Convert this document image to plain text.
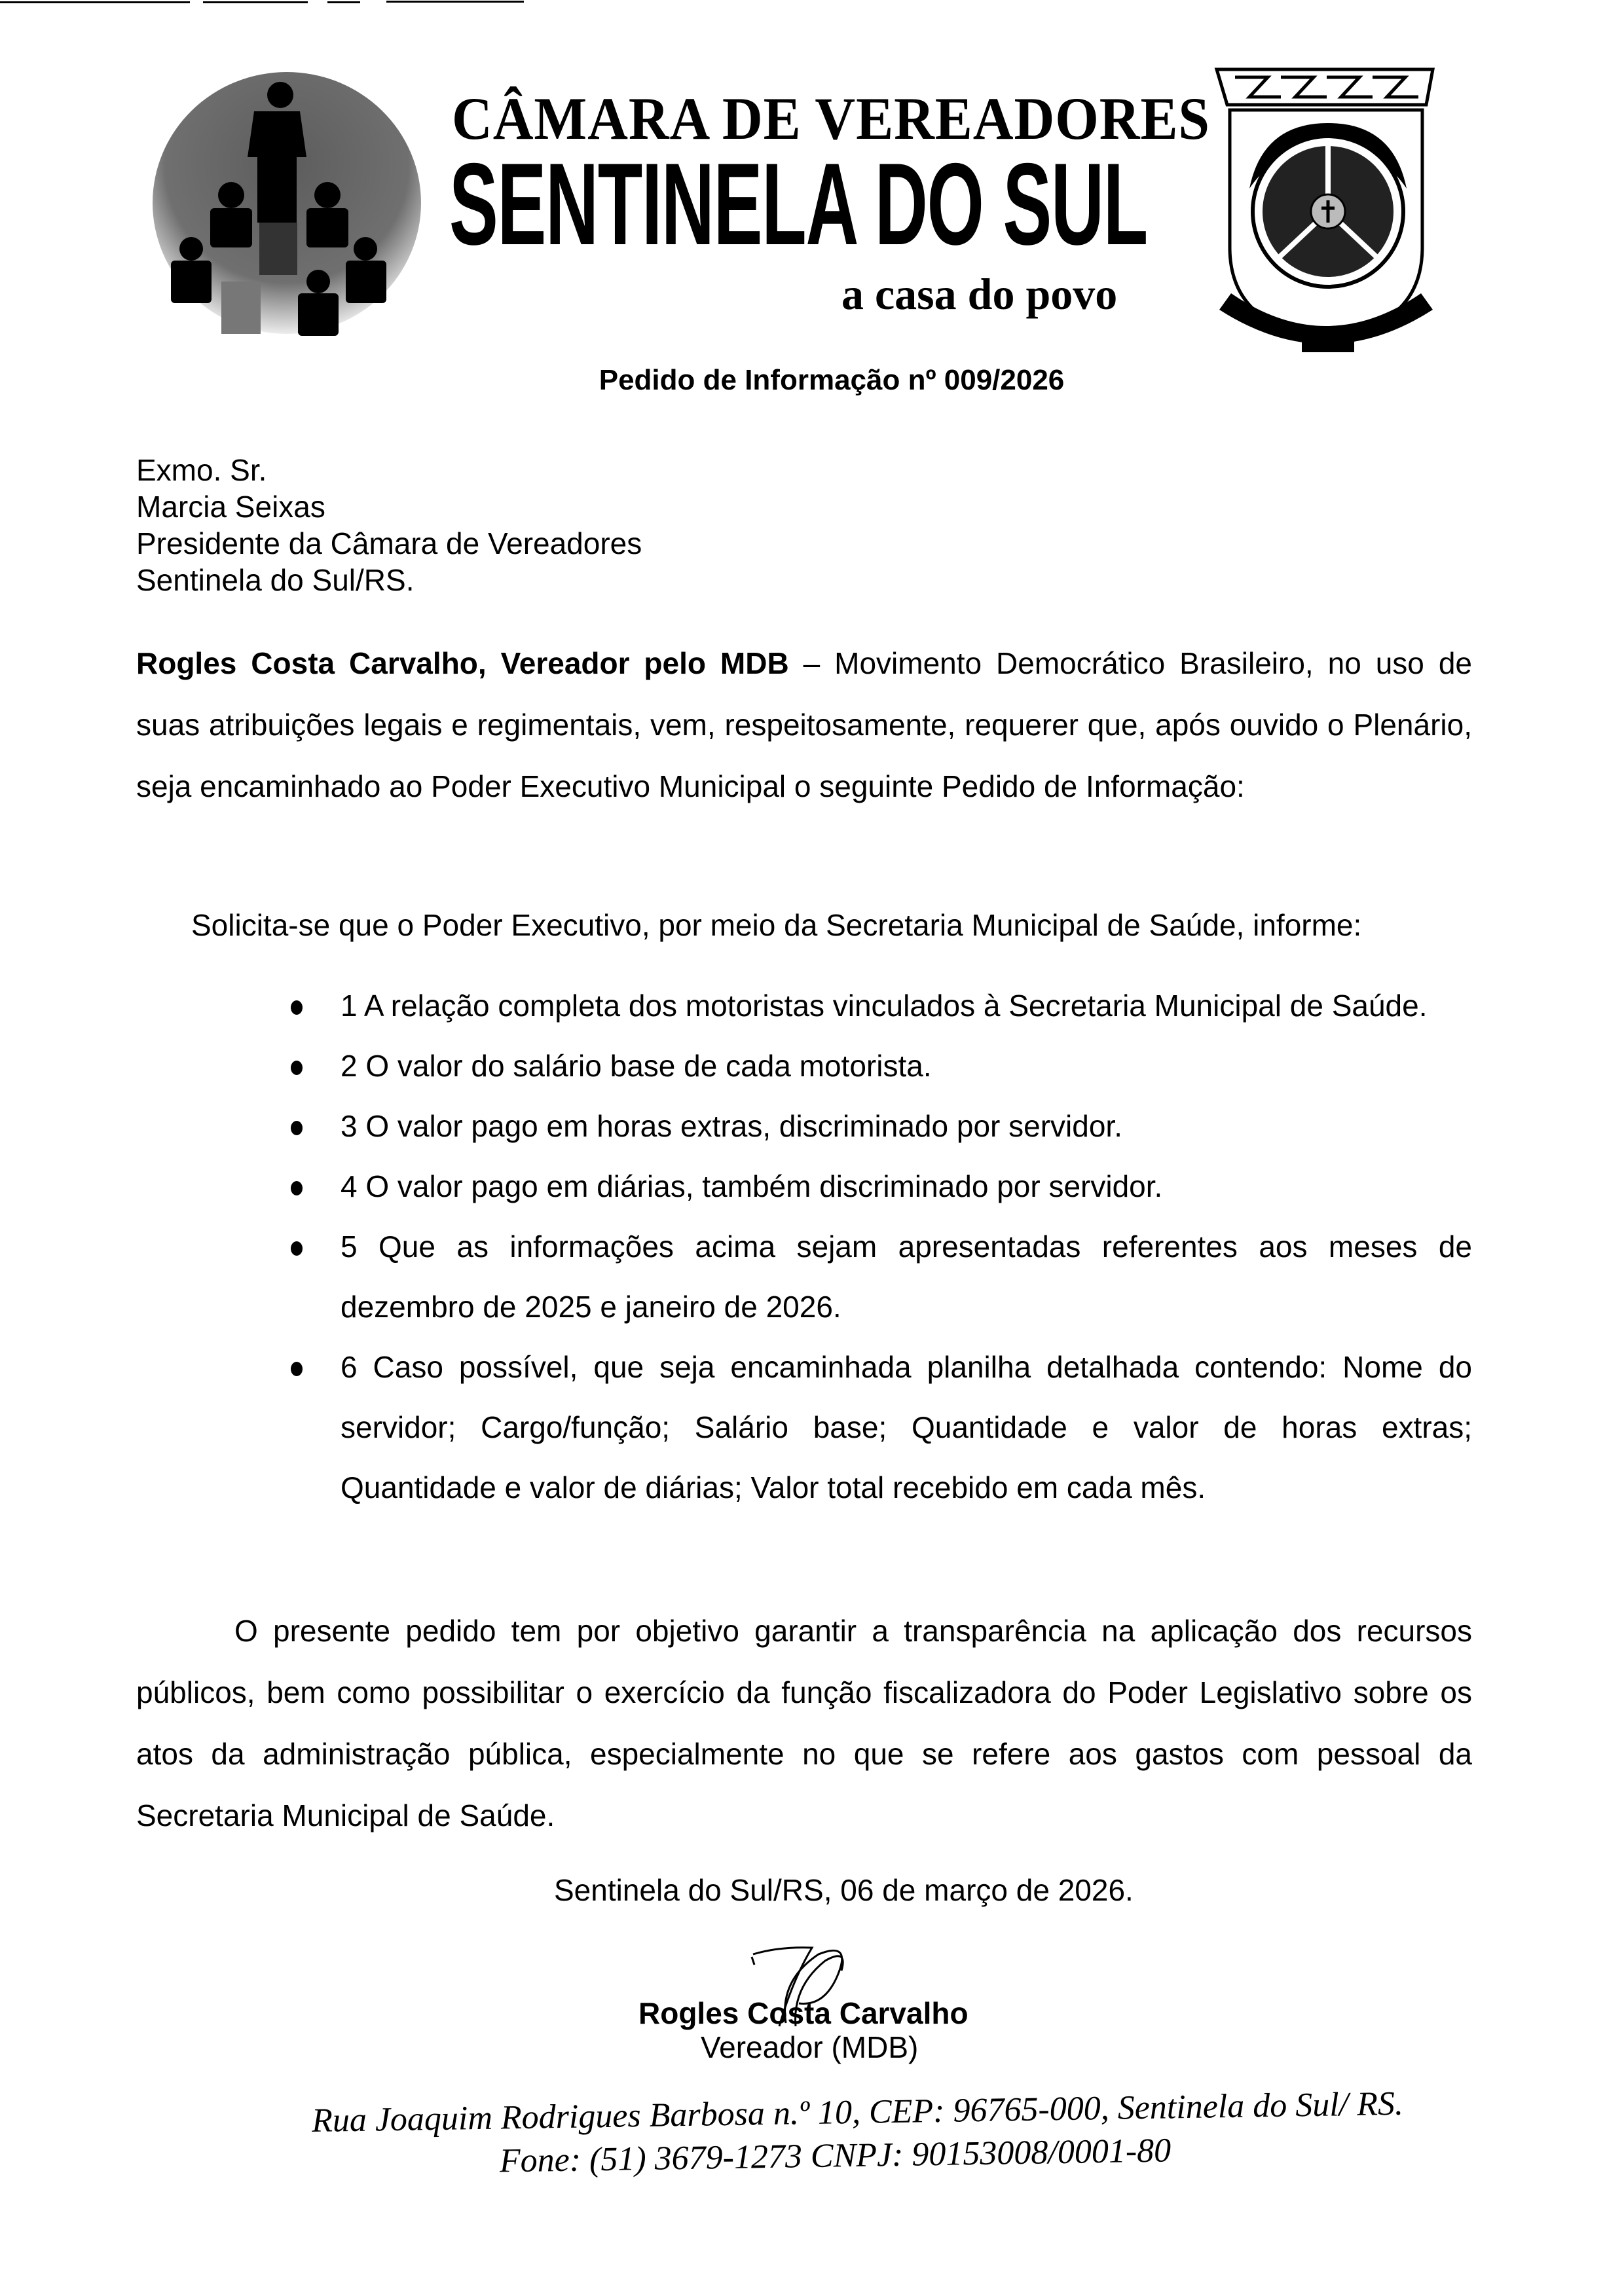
CÂMARA DE VEREADORES
SENTINELA DO SUL
a casa do povo
Pedido de Informação nº 009/2026
Exmo. Sr.
Marcia Seixas
Presidente da Câmara de Vereadores
Sentinela do Sul/RS.
Rogles Costa Carvalho, Vereador pelo MDB – Movimento Democrático Brasileiro, no uso de suas atribuições legais e regimentais, vem, respeitosamente, requerer que, após ouvido o Plenário, seja encaminhado ao Poder Executivo Municipal o seguinte Pedido de Informação:
Solicita-se que o Poder Executivo, por meio da Secretaria Municipal de Saúde, informe:
1 A relação completa dos motoristas vinculados à Secretaria Municipal de Saúde.
2 O valor do salário base de cada motorista.
3 O valor pago em horas extras, discriminado por servidor.
4 O valor pago em diárias, também discriminado por servidor.
5 Que as informações acima sejam apresentadas referentes aos meses de dezembro de 2025 e janeiro de 2026.
6 Caso possível, que seja encaminhada planilha detalhada contendo: Nome do servidor; Cargo/função; Salário base; Quantidade e valor de horas extras; Quantidade e valor de diárias; Valor total recebido em cada mês.
O presente pedido tem por objetivo garantir a transparência na aplicação dos recursos públicos, bem como possibilitar o exercício da função fiscalizadora do Poder Legislativo sobre os atos da administração pública, especialmente no que se refere aos gastos com pessoal da Secretaria Municipal de Saúde.
Sentinela do Sul/RS, 06 de março de 2026.
Rogles Costa Carvalho
Vereador (MDB)
Rua Joaquim Rodrigues Barbosa n.º 10, CEP: 96765-000, Sentinela do Sul/ RS.
Fone: (51) 3679-1273 CNPJ: 90153008/0001-80
